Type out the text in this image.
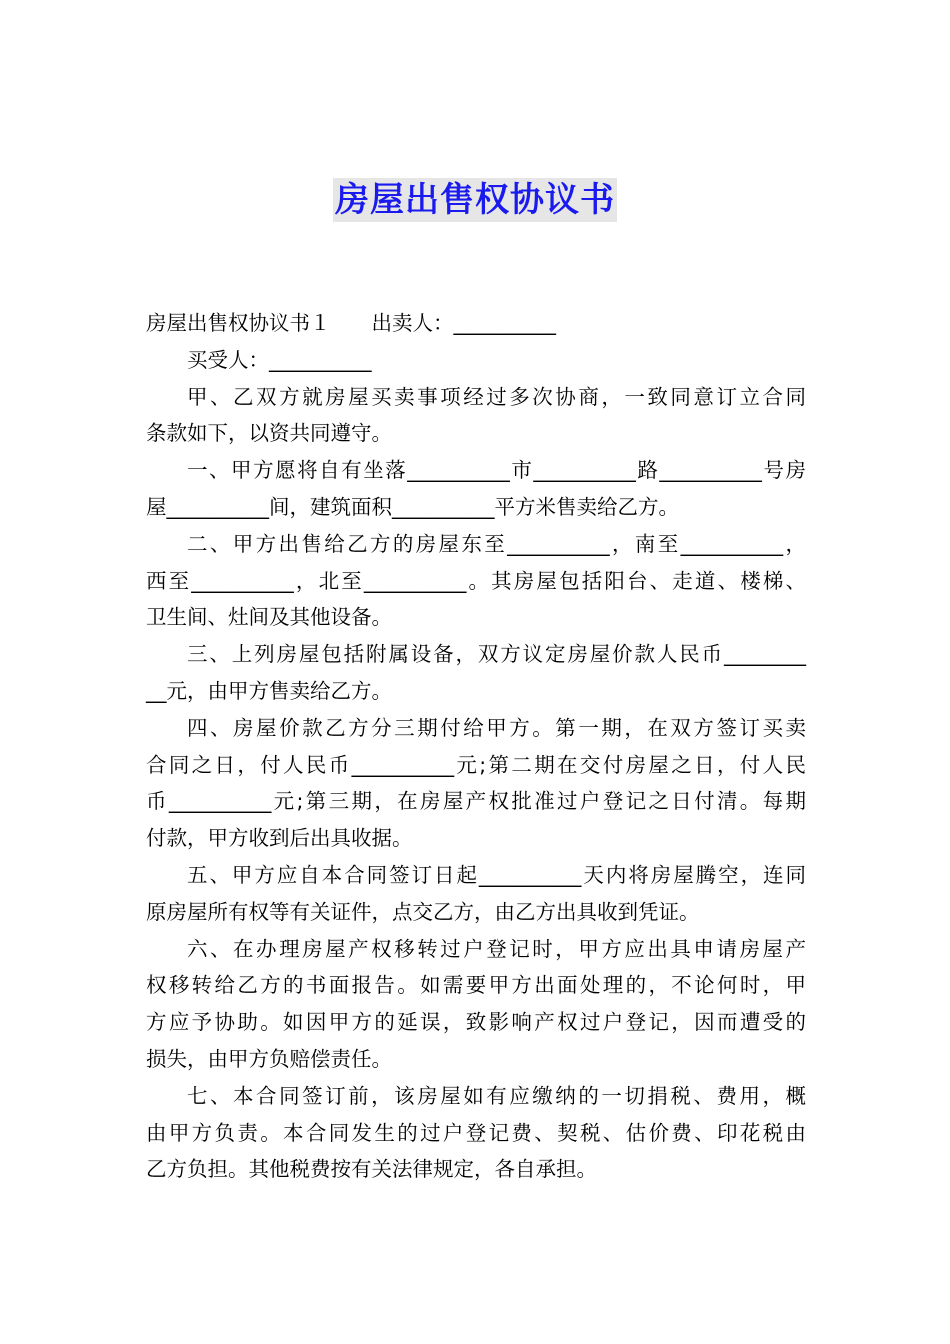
房屋出售权协议书
房屋出售权协议书１　　出卖人：__________
买受人：__________
甲、乙双方就房屋买卖事项经过多次协商，一致同意订立合同
条款如下，以资共同遵守。
一、甲方愿将自有坐落__________市__________路__________号房
屋__________间，建筑面积__________平方米售卖给乙方。
二、甲方出售给乙方的房屋东至__________，南至__________，
西至__________，北至__________。其房屋包括阳台、走道、楼梯、
卫生间、灶间及其他设备。
三、上列房屋包括附属设备，双方议定房屋价款人民币________
__元，由甲方售卖给乙方。
四、房屋价款乙方分三期付给甲方。第一期，在双方签订买卖
合同之日，付人民币__________元;第二期在交付房屋之日，付人民
币__________元;第三期，在房屋产权批准过户登记之日付清。每期
付款，甲方收到后出具收据。
五、甲方应自本合同签订日起__________天内将房屋腾空，连同
原房屋所有权等有关证件，点交乙方，由乙方出具收到凭证。
六、在办理房屋产权移转过户登记时，甲方应出具申请房屋产
权移转给乙方的书面报告。如需要甲方出面处理的，不论何时，甲
方应予协助。如因甲方的延误，致影响产权过户登记，因而遭受的
损失，由甲方负赔偿责任。
七、本合同签订前，该房屋如有应缴纳的一切捐税、费用，概
由甲方负责。本合同发生的过户登记费、契税、估价费、印花税由
乙方负担。其他税费按有关法律规定，各自承担。
